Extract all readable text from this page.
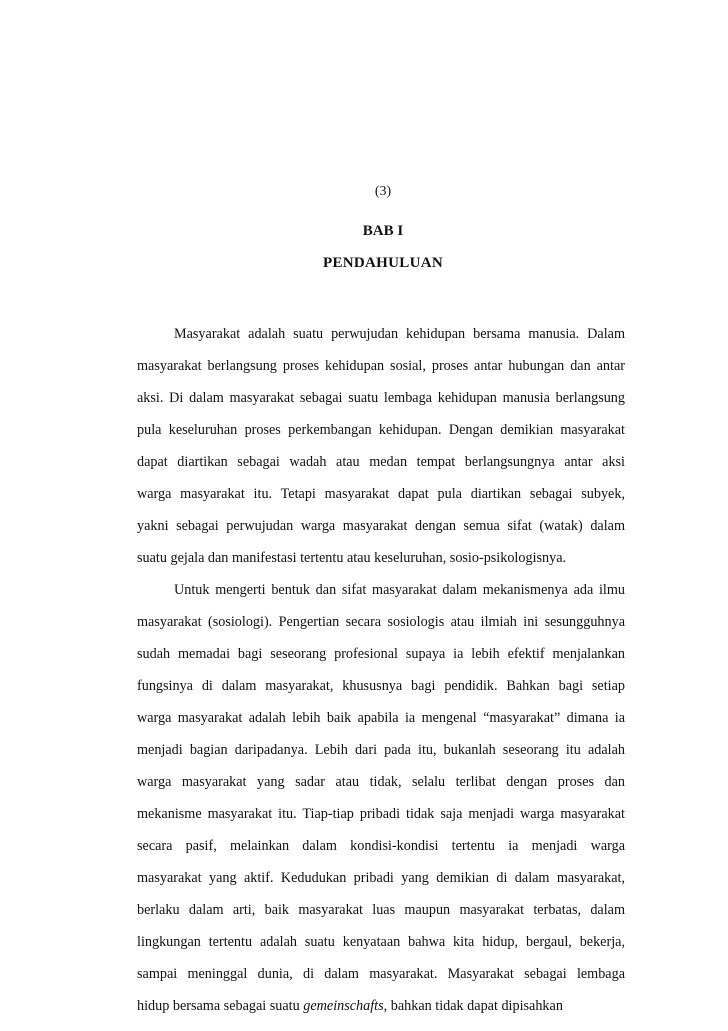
(3)
BAB I
PENDAHULUAN
Masyarakat adalah suatu perwujudan kehidupan bersama manusia. Dalam
masyarakat berlangsung proses kehidupan sosial, proses antar hubungan dan antar
aksi. Di dalam masyarakat sebagai suatu lembaga kehidupan manusia berlangsung
pula keseluruhan proses perkembangan kehidupan. Dengan demikian masyarakat
dapat diartikan sebagai wadah atau medan tempat berlangsungnya antar aksi
warga masyarakat itu. Tetapi masyarakat dapat pula diartikan sebagai subyek,
yakni sebagai perwujudan warga masyarakat dengan semua sifat (watak) dalam
suatu gejala dan manifestasi tertentu atau keseluruhan, sosio-psikologisnya.
Untuk mengerti bentuk dan sifat masyarakat dalam mekanismenya ada ilmu
masyarakat (sosiologi). Pengertian secara sosiologis atau ilmiah ini sesungguhnya
sudah memadai bagi seseorang profesional supaya ia lebih efektif menjalankan
fungsinya di dalam masyarakat, khususnya bagi pendidik. Bahkan bagi setiap
warga masyarakat adalah lebih baik apabila ia mengenal “masyarakat” dimana ia
menjadi bagian daripadanya. Lebih dari pada itu, bukanlah seseorang itu adalah
warga masyarakat yang sadar atau tidak, selalu terlibat dengan proses dan
mekanisme masyarakat itu. Tiap-tiap pribadi tidak saja menjadi warga masyarakat
secara pasif, melainkan dalam kondisi-kondisi tertentu ia menjadi warga
masyarakat yang aktif. Kedudukan pribadi yang demikian di dalam masyarakat,
berlaku dalam arti, baik masyarakat luas maupun masyarakat terbatas, dalam
lingkungan tertentu adalah suatu kenyataan bahwa kita hidup, bergaul, bekerja,
sampai meninggal dunia, di dalam masyarakat. Masyarakat sebagai lembaga
hidup bersama sebagai suatu gemeinschafts, bahkan tidak dapat dipisahkan
